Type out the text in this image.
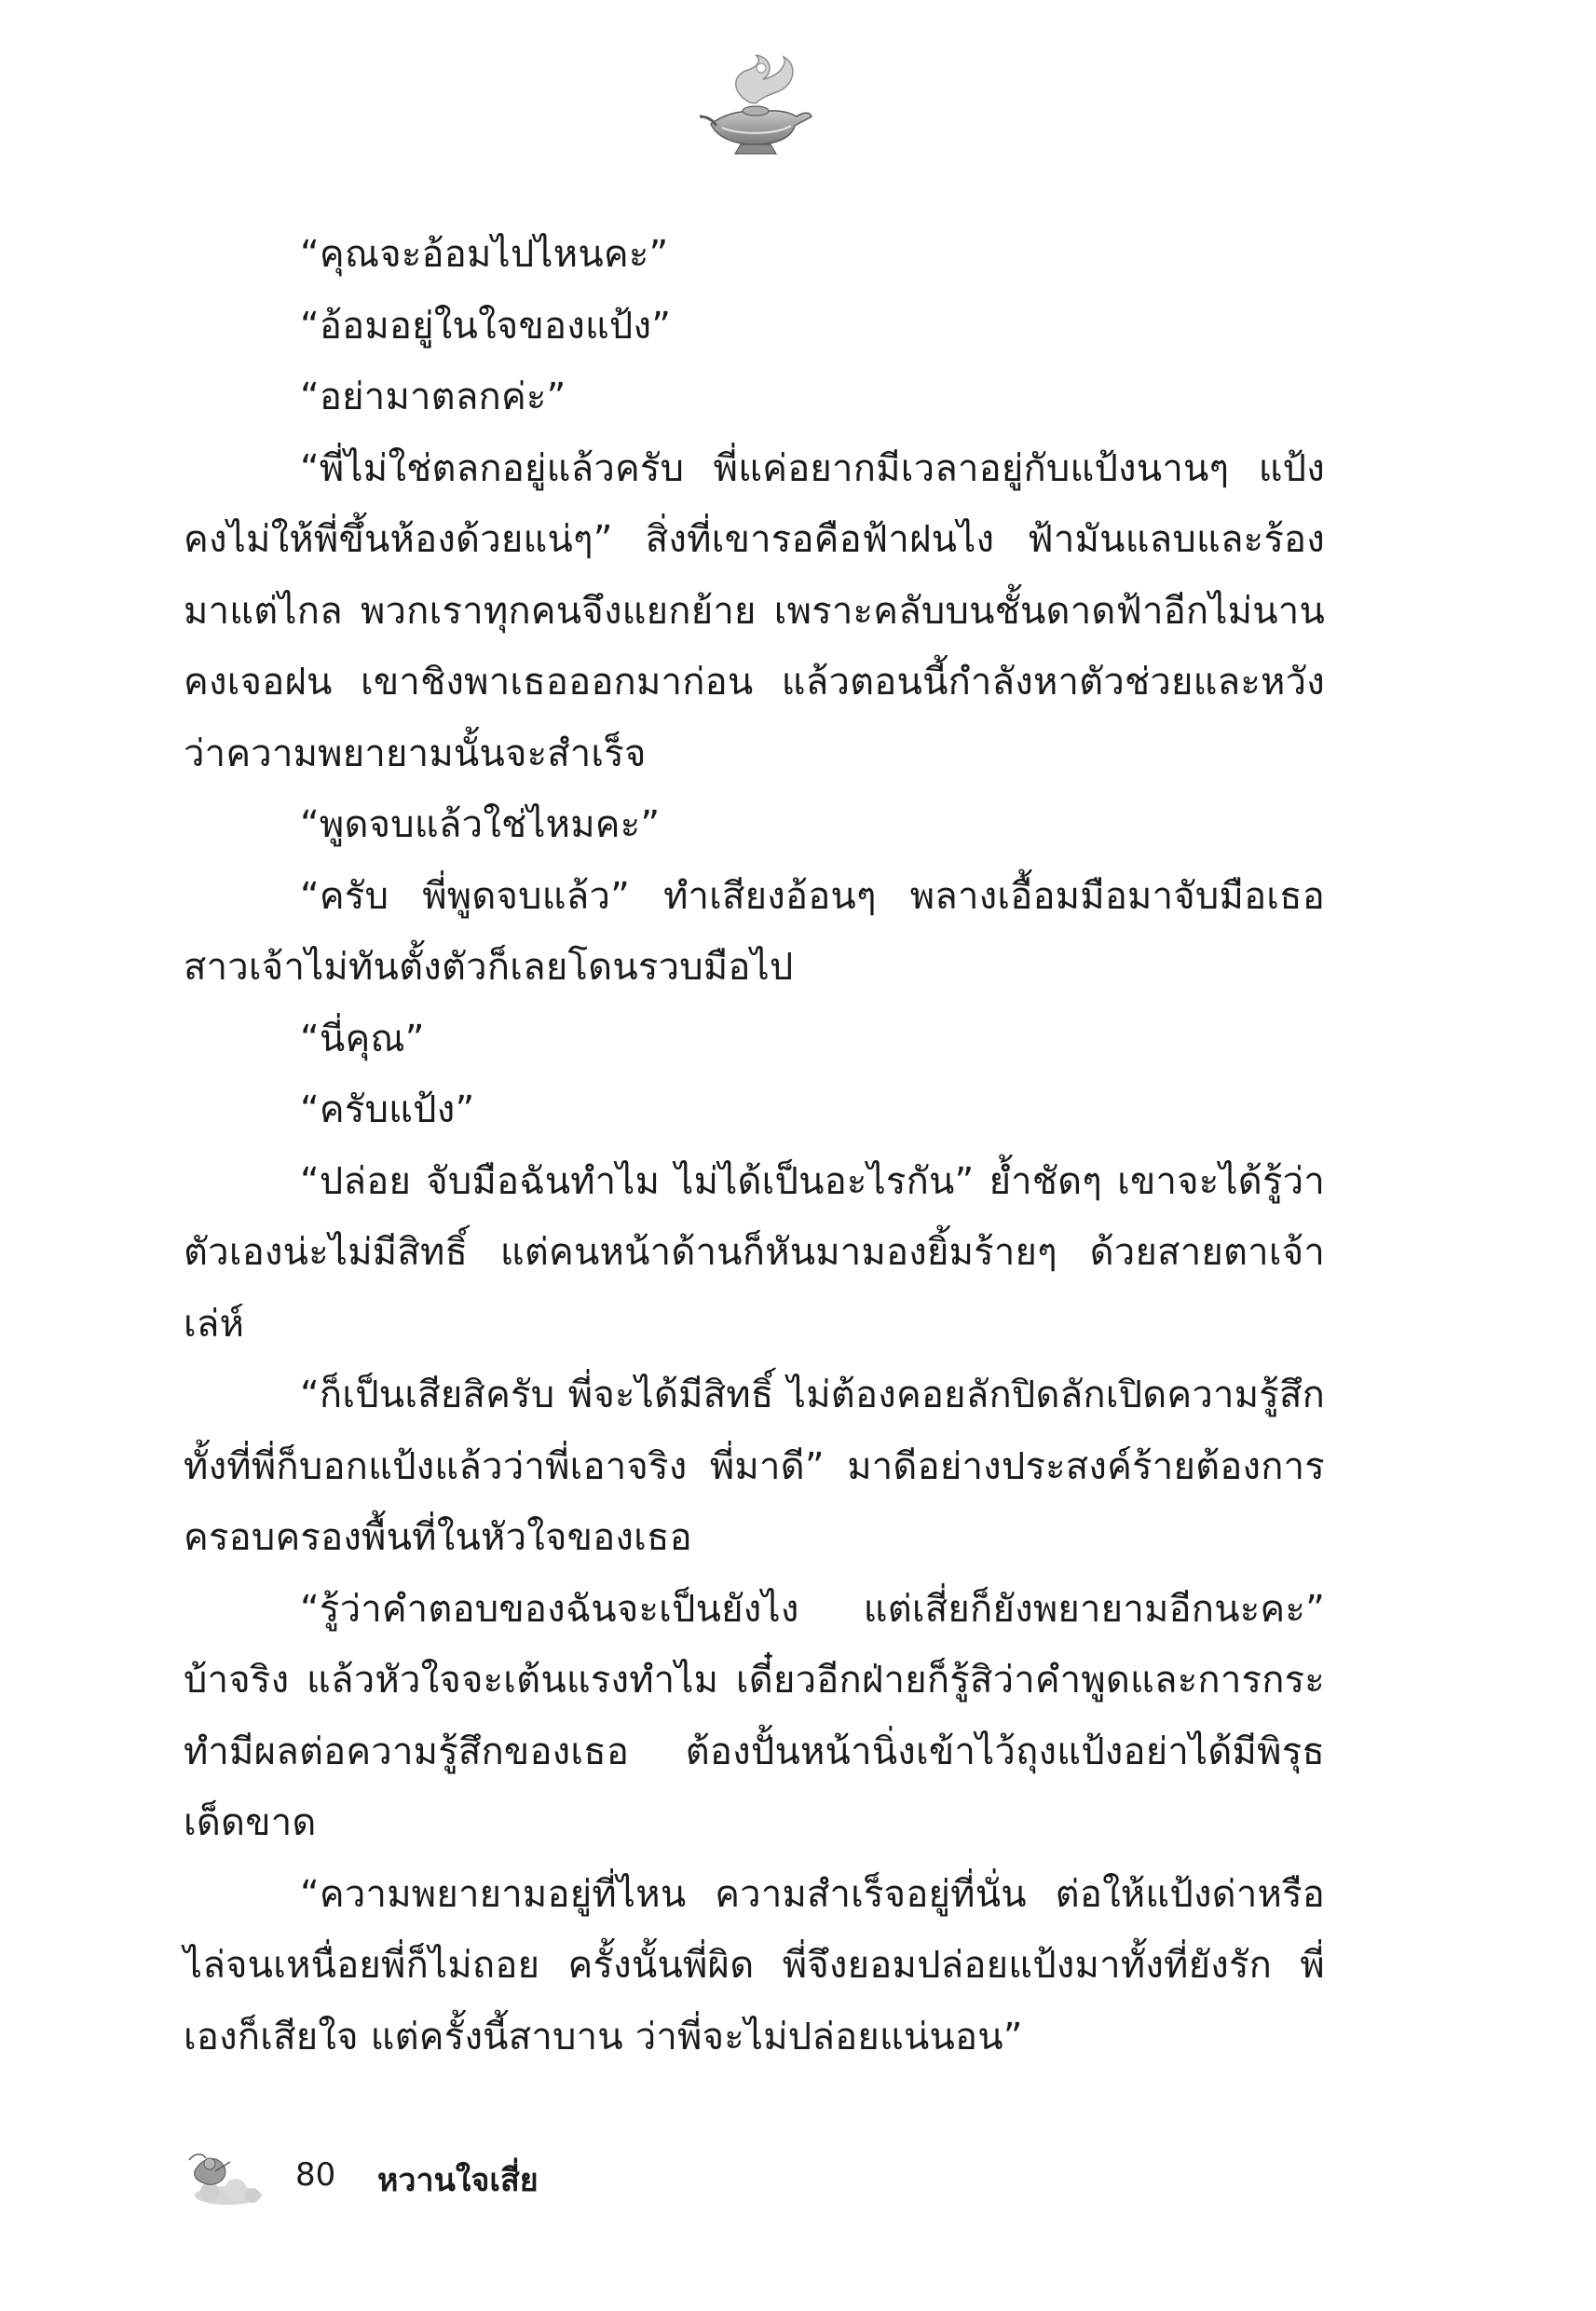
“คุณจะอ้อมไปไหนคะ”

“อ้อมอยู่ในใจของแป้ง”

“อย่ามาตลกค่ะ”

“พี่ไม่ใช่ตลกอยู่แล้วครับ พี่แค่อยากมีเวลาอยู่กับแป้งนานๆ แป้งคงไม่ให้พี่ขึ้นห้องด้วยแน่ๆ” สิ่งที่เขารอคือฟ้าฝนไง ฟ้ามันแลบและร้องมาแต่ไกล พวกเราทุกคนจึงแยกย้าย เพราะคลับบนชั้นดาดฟ้าอีกไม่นานคงเจอฝน เขาชิงพาเธอออกมาก่อน แล้วตอนนี้กำลังหาตัวช่วยและหวังว่าความพยายามนั้นจะสำเร็จ

“พูดจบแล้วใช่ไหมคะ”

“ครับ พี่พูดจบแล้ว” ทำเสียงอ้อนๆ พลางเอื้อมมือมาจับมือเธอ สาวเจ้าไม่ทันตั้งตัวก็เลยโดนรวบมือไป

“นี่คุณ”

“ครับแป้ง”

“ปล่อย จับมือฉันทำไม ไม่ได้เป็นอะไรกัน” ย้ำชัดๆ เขาจะได้รู้ว่าตัวเองน่ะไม่มีสิทธิ์ แต่คนหน้าด้านก็หันมามองยิ้มร้ายๆ ด้วยสายตาเจ้าเล่ห์

“ก็เป็นเสียสิครับ พี่จะได้มีสิทธิ์ ไม่ต้องคอยลักปิดลักเปิดความรู้สึก ทั้งที่พี่ก็บอกแป้งแล้วว่าพี่เอาจริง พี่มาดี” มาดีอย่างประสงค์ร้ายต้องการครอบครองพื้นที่ในหัวใจของเธอ

“รู้ว่าคำตอบของฉันจะเป็นยังไง แต่เสี่ยก็ยังพยายามอีกนะคะ” บ้าจริง แล้วหัวใจจะเต้นแรงทำไม เดี๋ยวอีกฝ่ายก็รู้สิว่าคำพูดและการกระทำมีผลต่อความรู้สึกของเธอ ต้องปั้นหน้านิ่งเข้าไว้ถุงแป้งอย่าได้มีพิรุธเด็ดขาด

“ความพยายามอยู่ที่ไหน ความสำเร็จอยู่ที่นั่น ต่อให้แป้งด่าหรือไล่จนเหนื่อยพี่ก็ไม่ถอย ครั้งนั้นพี่ผิด พี่จึงยอมปล่อยแป้งมาทั้งที่ยังรัก พี่เองก็เสียใจ แต่ครั้งนี้สาบาน ว่าพี่จะไม่ปล่อยแน่นอน”

80 หวานใจเสี่ย
